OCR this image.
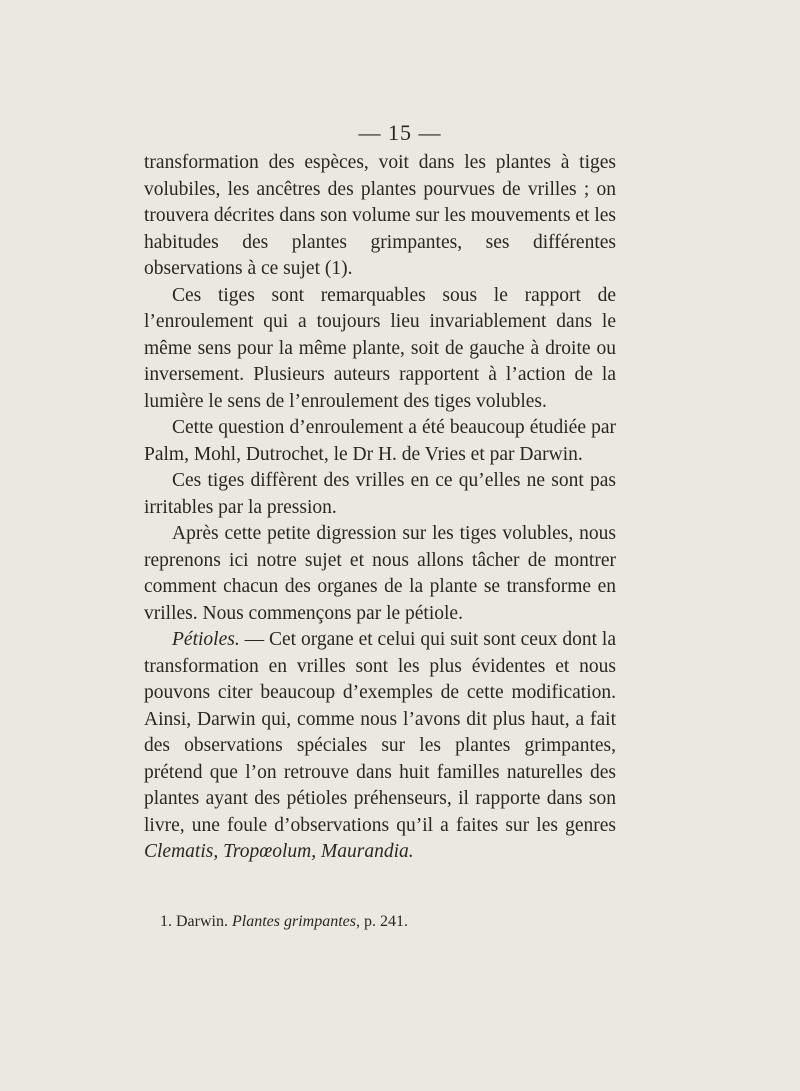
— 15 —

transformation des espèces, voit dans les plantes à tiges volubiles, les ancêtres des plantes pourvues de vrilles ; on trouvera décrites dans son volume sur les mouvements et les habitudes des plantes grimpantes, ses différentes observations à ce sujet (1).

Ces tiges sont remarquables sous le rapport de l’enroulement qui a toujours lieu invariablement dans le même sens pour la même plante, soit de gauche à droite ou inversement. Plusieurs auteurs rapportent à l’action de la lumière le sens de l’enroulement des tiges volubles.

Cette question d’enroulement a été beaucoup étudiée par Palm, Mohl, Dutrochet, le Dr H. de Vries et par Darwin.

Ces tiges diffèrent des vrilles en ce qu’elles ne sont pas irritables par la pression.

Après cette petite digression sur les tiges volubles, nous reprenons ici notre sujet et nous allons tâcher de montrer comment chacun des organes de la plante se transforme en vrilles. Nous commençons par le pétiole.

Pétioles. — Cet organe et celui qui suit sont ceux dont la transformation en vrilles sont les plus évidentes et nous pouvons citer beaucoup d’exemples de cette modification. Ainsi, Darwin qui, comme nous l’avons dit plus haut, a fait des observations spéciales sur les plantes grimpantes, prétend que l’on retrouve dans huit familles naturelles des plantes ayant des pétioles préhenseurs, il rapporte dans son livre, une foule d’observations qu’il a faites sur les genres Clematis, Tropœolum, Maurandia.

1. Darwin. Plantes grimpantes, p. 241.
